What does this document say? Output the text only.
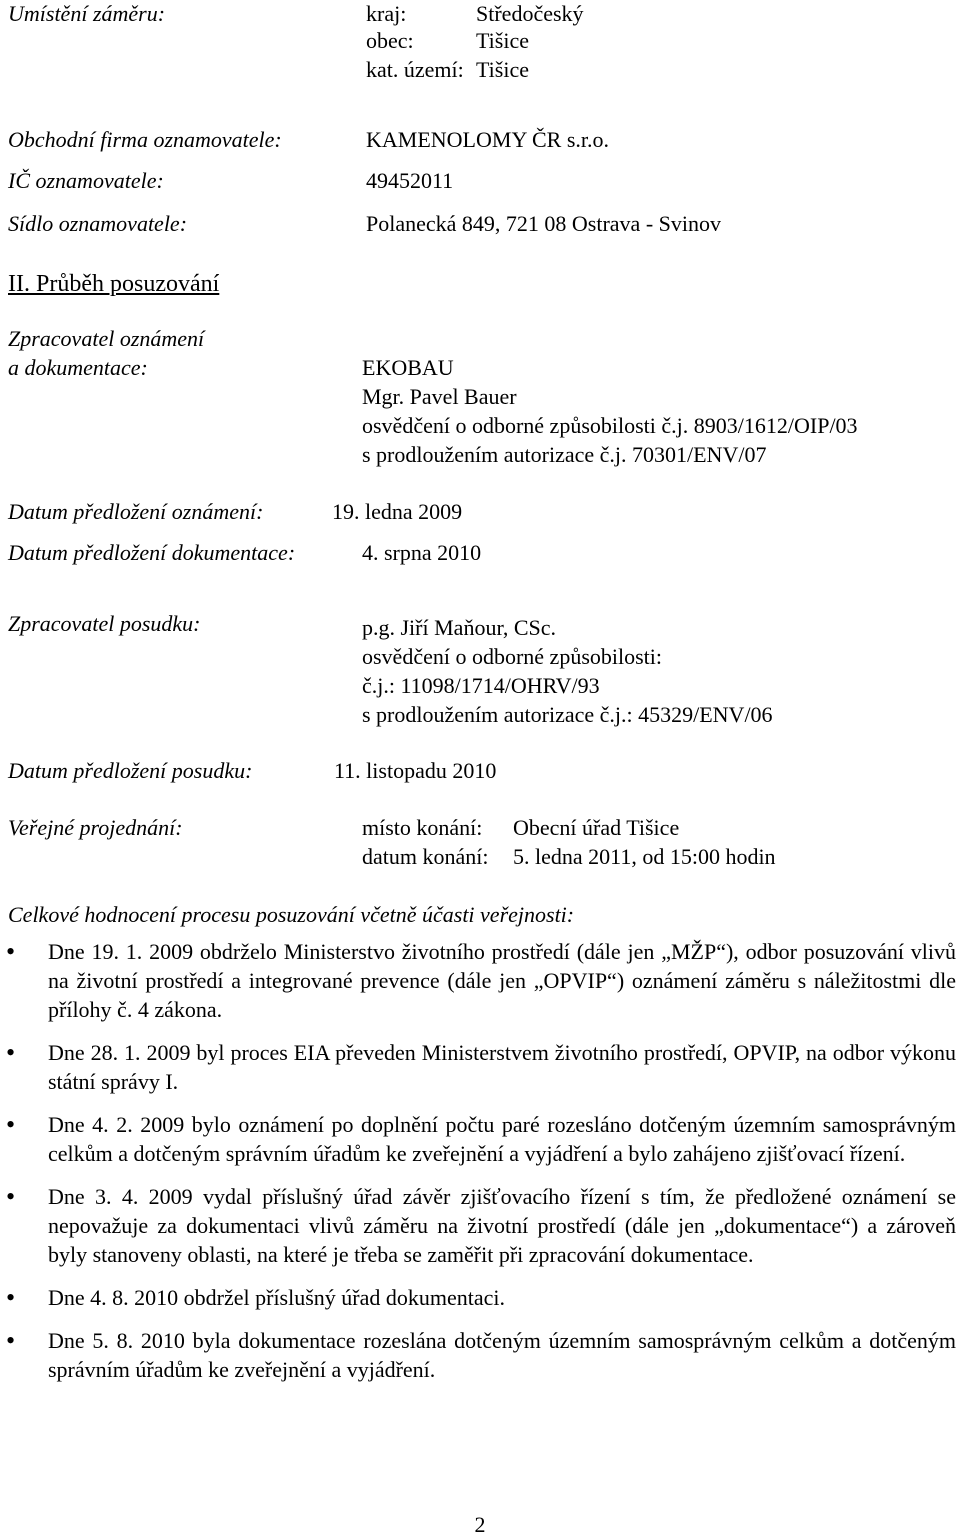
Umístění záměru:	kraj:	Středočeský
obec:	Tišice
kat. území: Tišice
Obchodní firma oznamovatele:	KAMENOLOMY ČR s.r.o.
IČ oznamovatele:	49452011
Sídlo oznamovatele:	Polanecká 849, 721 08 Ostrava - Svinov
II. Průběh posuzování
Zpracovatel oznámení
a dokumentace:	EKOBAU
Mgr. Pavel Bauer
osvědčení o odborné způsobilosti č.j. 8903/1612/OIP/03
s prodloužením autorizace č.j. 70301/ENV/07
Datum předložení oznámení:	19. ledna 2009
Datum předložení dokumentace:	4. srpna 2010
Zpracovatel posudku:	p.g. Jiří Maňour, CSc.
osvědčení o odborné způsobilosti:
č.j.: 11098/1714/OHRV/93
s prodloužením autorizace č.j.: 45329/ENV/06
Datum předložení posudku:	11. listopadu 2010
Veřejné projednání:	místo konání: Obecní úřad Tišice
datum konání: 5. ledna 2011, od 15:00 hodin
Celkové hodnocení procesu posuzování včetně účasti veřejnosti:
• Dne 19. 1. 2009 obdrželo Ministerstvo životního prostředí (dále jen „MŽP“), odbor posuzování vlivů na životní prostředí a integrované prevence (dále jen „OPVIP“) oznámení záměru s náležitostmi dle přílohy č. 4 zákona.
• Dne 28. 1. 2009 byl proces EIA převeden Ministerstvem životního prostředí, OPVIP, na odbor výkonu státní správy I.
• Dne 4. 2. 2009 bylo oznámení po doplnění počtu paré rozesláno dotčeným územním samosprávným celkům a dotčeným správním úřadům ke zveřejnění a vyjádření a bylo zahájeno zjišťovací řízení.
• Dne 3. 4. 2009 vydal příslušný úřad závěr zjišťovacího řízení s tím, že předložené oznámení se nepovažuje za dokumentaci vlivů záměru na životní prostředí (dále jen „dokumentace“) a zároveň byly stanoveny oblasti, na které je třeba se zaměřit při zpracování dokumentace.
• Dne 4. 8. 2010 obdržel příslušný úřad dokumentaci.
• Dne 5. 8. 2010 byla dokumentace rozeslána dotčeným územním samosprávným celkům a dotčeným správním úřadům ke zveřejnění a vyjádření.
2
